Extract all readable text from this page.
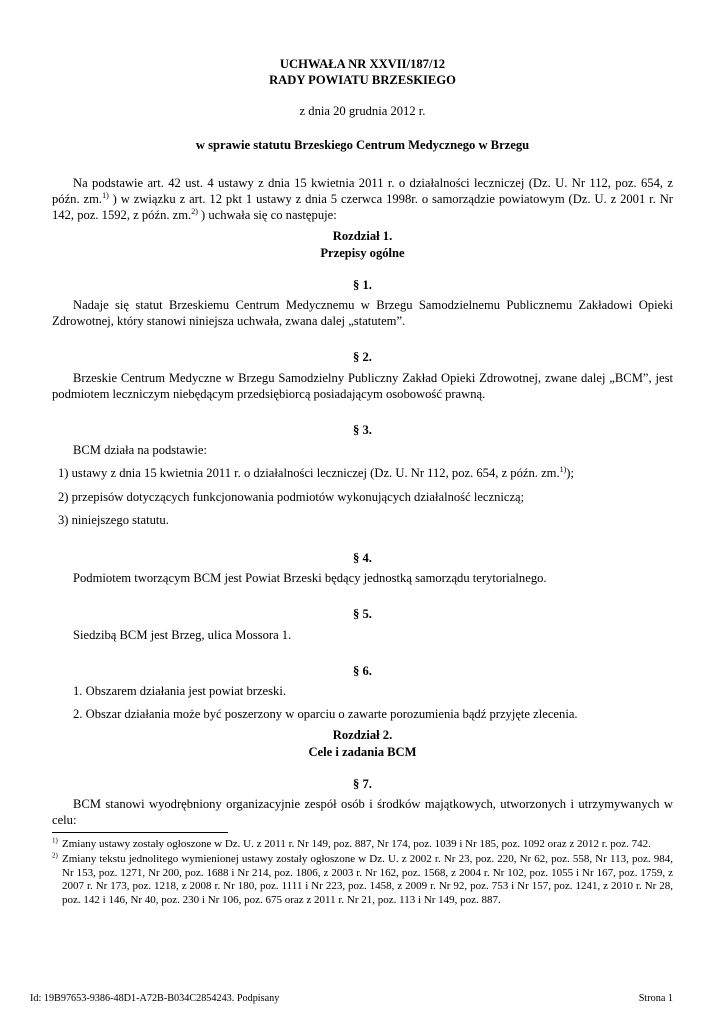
UCHWAŁA NR XXVII/187/12

RADY POWIATU BRZESKIEGO

z dnia 20 grudnia 2012 r.

w sprawie statutu Brzeskiego Centrum Medycznego w Brzegu

Na podstawie art. 42 ust. 4 ustawy z dnia 15 kwietnia 2011 r. o działalności leczniczej (Dz. U. Nr 112, poz. 654, z późn. zm.$^{1)}$ ) w związku z art. 12 pkt 1 ustawy z dnia 5 czerwca 1998r. o samorządzie powiatowym (Dz. U. z 2001 r. Nr 142, poz. 1592, z późn. zm.$^{2)}$ ) uchwała się co następuje:

Rozdział 1.

Przepisy ogólne

§ 1.

Nadaje się statut Brzeskiemu Centrum Medycznemu w Brzegu Samodzielnemu Publicznemu Zakładowi Opieki Zdrowotnej, który stanowi niniejsza uchwała, zwana dalej „statutem”.

§ 2.

Brzeskie Centrum Medyczne w Brzegu Samodzielny Publiczny Zakład Opieki Zdrowotnej, zwane dalej „BCM”, jest podmiotem leczniczym niebędącym przedsiębiorcą posiadającym osobowość prawną.

§ 3.

BCM działa na podstawie:

1) ustawy z dnia 15 kwietnia 2011 r. o działalności leczniczej (Dz. U. Nr 112, poz. 654, z późn. zm.$^{1)}$);

2) przepisów dotyczących funkcjonowania podmiotów wykonujących działalność leczniczą;

3) niniejszego statutu.

§ 4.

Podmiotem tworzącym BCM jest Powiat Brzeski będący jednostką samorządu terytorialnego.

§ 5.

Siedzibą BCM jest Brzeg, ulica Mossora 1.

§ 6.

1. Obszarem działania jest powiat brzeski.

2. Obszar działania może być poszerzony w oparciu o zawarte porozumienia bądź przyjęte zlecenia.

Rozdział 2.

Cele i zadania BCM

§ 7.

BCM stanowi wyodrębniony organizacyjnie zespół osób i środków majątkowych, utworzonych i utrzymywanych w celu:

$^{1)}$ Zmiany ustawy zostały ogłoszone w Dz. U. z 2011 r. Nr 149, poz. 887, Nr 174, poz. 1039 i Nr 185, poz. 1092 oraz z 2012 r. poz. 742.
$^{2)}$ Zmiany tekstu jednolitego wymienionej ustawy zostały ogłoszone w Dz. U. z 2002 r. Nr 23, poz. 220, Nr 62, poz. 558, Nr 113, poz. 984, Nr 153, poz. 1271, Nr 200, poz. 1688 i Nr 214, poz. 1806, z 2003 r. Nr 162, poz. 1568, z 2004 r. Nr 102, poz. 1055 i Nr 167, poz. 1759, z 2007 r. Nr 173, poz. 1218, z 2008 r. Nr 180, poz. 1111 i Nr 223, poz. 1458, z 2009 r. Nr 92, poz. 753 i Nr 157, poz. 1241, z 2010 r. Nr 28, poz. 142 i 146, Nr 40, poz. 230 i Nr 106, poz. 675 oraz z 2011 r. Nr 21, poz. 113 i Nr 149, poz. 887.
Id: 19B97653-9386-48D1-A72B-B034C2854243. Podpisany	Strona 1
